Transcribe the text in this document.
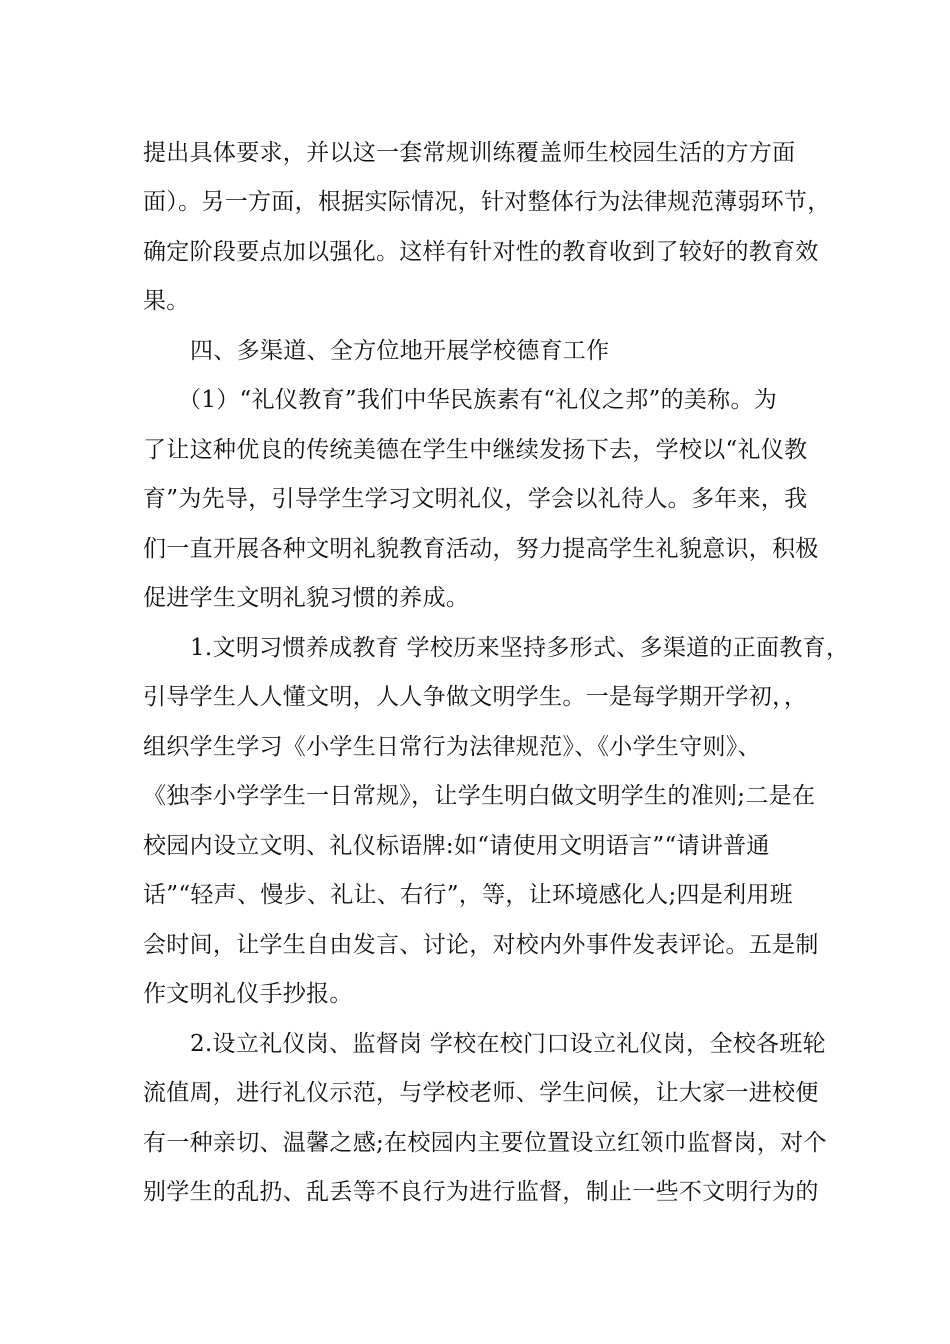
提出具体要求，并以这一套常规训练覆盖师生校园生活的方方面
面）。另一方面，根据实际情况，针对整体行为法律规范薄弱环节，
确定阶段要点加以强化。这样有针对性的教育收到了较好的教育效
果。
四、多渠道、全方位地开展学校德育工作
（1）“礼仪教育”我们中华民族素有“礼仪之邦”的美称。为
了让这种优良的传统美德在学生中继续发扬下去，学校以“礼仪教
育”为先导，引导学生学习文明礼仪，学会以礼待人。多年来，我
们一直开展各种文明礼貌教育活动，努力提高学生礼貌意识，积极
促进学生文明礼貌习惯的养成。
1.文明习惯养成教育 学校历来坚持多形式、多渠道的正面教育，
引导学生人人懂文明，人人争做文明学生。一是每学期开学初，，
组织学生学习《小学生日常行为法律规范》、《小学生守则》、
《独李小学学生一日常规》，让学生明白做文明学生的准则;二是在
校园内设立文明、礼仪标语牌:如“请使用文明语言”“请讲普通
话”“轻声、慢步、礼让、右行”，等，让环境感化人;四是利用班
会时间，让学生自由发言、讨论，对校内外事件发表评论。五是制
作文明礼仪手抄报。
2.设立礼仪岗、监督岗 学校在校门口设立礼仪岗，全校各班轮
流值周，进行礼仪示范，与学校老师、学生问候，让大家一进校便
有一种亲切、温馨之感;在校园内主要位置设立红领巾监督岗，对个
别学生的乱扔、乱丢等不良行为进行监督，制止一些不文明行为的
